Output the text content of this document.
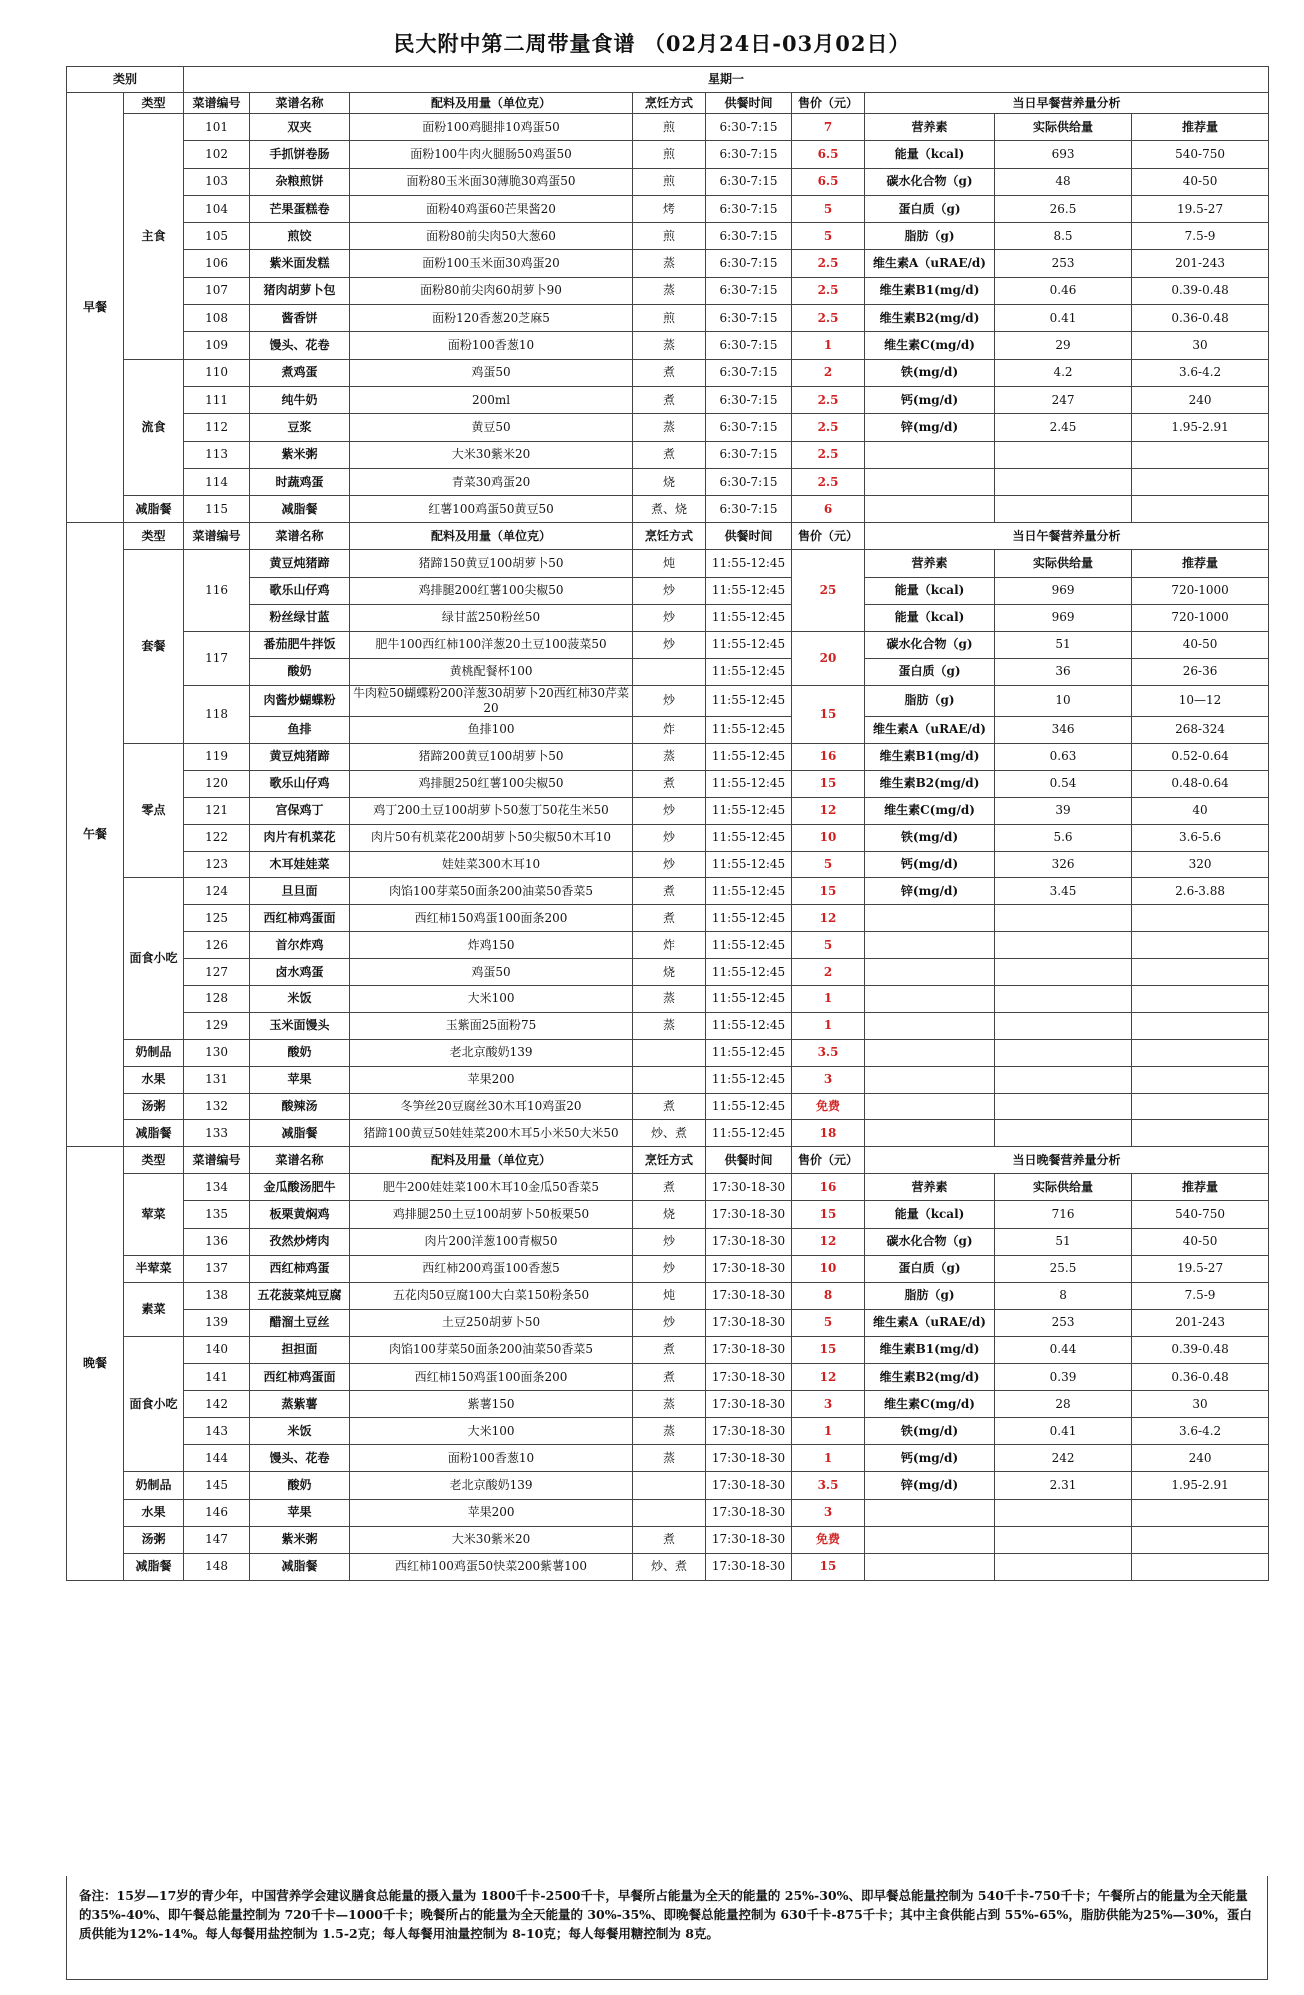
民大附中第二周带量食谱 （02月24日-03月02日）
类别		星期一								
早餐	类型	菜谱编号	菜谱名称	配料及用量（单位克）	烹饪方式	供餐时间	售价（元）	当日早餐营养量分析		
	主食	101	双夹	面粉100鸡腿排10鸡蛋50	煎	6:30-7:15	7	营养素	实际供给量	推荐量
		102	手抓饼卷肠	面粉100牛肉火腿肠50鸡蛋50	煎	6:30-7:15	6.5	能量（kcal)	693	540-750
		103	杂粮煎饼	面粉80玉米面30薄脆30鸡蛋50	煎	6:30-7:15	6.5	碳水化合物（g)	48	40-50
		104	芒果蛋糕卷	面粉40鸡蛋60芒果酱20	烤	6:30-7:15	5	蛋白质（g)	26.5	19.5-27
		105	煎饺	面粉80前尖肉50大葱60	煎	6:30-7:15	5	脂肪（g)	8.5	7.5-9
		106	紫米面发糕	面粉100玉米面30鸡蛋20	蒸	6:30-7:15	2.5	维生素A（uRAE/d)	253	201-243
		107	猪肉胡萝卜包	面粉80前尖肉60胡萝卜90	蒸	6:30-7:15	2.5	维生素B1(mg/d)	0.46	0.39-0.48
		108	酱香饼	面粉120香葱20芝麻5	煎	6:30-7:15	2.5	维生素B2(mg/d)	0.41	0.36-0.48
		109	馒头、花卷	面粉100香葱10	蒸	6:30-7:15	1	维生素C(mg/d)	29	30
	流食	110	煮鸡蛋	鸡蛋50	煮	6:30-7:15	2	铁(mg/d)	4.2	3.6-4.2
		111	纯牛奶	200ml	煮	6:30-7:15	2.5	钙(mg/d)	247	240
		112	豆浆	黄豆50	蒸	6:30-7:15	2.5	锌(mg/d)	2.45	1.95-2.91
		113	紫米粥	大米30紫米20	煮	6:30-7:15	2.5			
		114	时蔬鸡蛋	青菜30鸡蛋20	烧	6:30-7:15	2.5			
	减脂餐	115	减脂餐	红薯100鸡蛋50黄豆50	煮、烧	6:30-7:15	6			
午餐	类型	菜谱编号	菜谱名称	配料及用量（单位克）	烹饪方式	供餐时间	售价（元）	当日午餐营养量分析		
	套餐	116	黄豆炖猪蹄	猪蹄150黄豆100胡萝卜50	炖	11:55-12:45	25	营养素	实际供给量	推荐量
			歌乐山仔鸡	鸡排腿200红薯100尖椒50	炒	11:55-12:45		能量（kcal)	969	720-1000
			粉丝绿甘蓝	绿甘蓝250粉丝50	炒	11:55-12:45		能量（kcal)	969	720-1000
		117	番茄肥牛拌饭	肥牛100西红柿100洋葱20土豆100菠菜50	炒	11:55-12:45	20	碳水化合物（g)	51	40-50
			酸奶	黄桃配餐杯100		11:55-12:45		蛋白质（g)	36	26-36
		118	肉酱炒蝴蝶粉	牛肉粒50蝴蝶粉200洋葱30胡萝卜20西红柿30芹菜20	炒	11:55-12:45	15	脂肪（g)	10	10—12
			鱼排	鱼排100	炸	11:55-12:45		维生素A（uRAE/d)	346	268-324
	零点	119	黄豆炖猪蹄	猪蹄200黄豆100胡萝卜50	蒸	11:55-12:45	16	维生素B1(mg/d)	0.63	0.52-0.64
		120	歌乐山仔鸡	鸡排腿250红薯100尖椒50	煮	11:55-12:45	15	维生素B2(mg/d)	0.54	0.48-0.64
		121	宫保鸡丁	鸡丁200土豆100胡萝卜50葱丁50花生米50	炒	11:55-12:45	12	维生素C(mg/d)	39	40
		122	肉片有机菜花	肉片50有机菜花200胡萝卜50尖椒50木耳10	炒	11:55-12:45	10	铁(mg/d)	5.6	3.6-5.6
		123	木耳娃娃菜	娃娃菜300木耳10	炒	11:55-12:45	5	钙(mg/d)	326	320
	面食小吃	124	旦旦面	肉馅100芽菜50面条200油菜50香菜5	煮	11:55-12:45	15	锌(mg/d)	3.45	2.6-3.88
		125	西红柿鸡蛋面	西红柿150鸡蛋100面条200	煮	11:55-12:45	12			
		126	首尔炸鸡	炸鸡150	炸	11:55-12:45	5			
		127	卤水鸡蛋	鸡蛋50	烧	11:55-12:45	2			
		128	米饭	大米100	蒸	11:55-12:45	1			
		129	玉米面馒头	玉紫面25面粉75	蒸	11:55-12:45	1			
	奶制品	130	酸奶	老北京酸奶139		11:55-12:45	3.5			
	水果	131	苹果	苹果200		11:55-12:45	3			
	汤粥	132	酸辣汤	冬笋丝20豆腐丝30木耳10鸡蛋20	煮	11:55-12:45	免费			
	减脂餐	133	减脂餐	猪蹄100黄豆50娃娃菜200木耳5小米50大米50	炒、煮	11:55-12:45	18			
晚餐	类型	菜谱编号	菜谱名称	配料及用量（单位克）	烹饪方式	供餐时间	售价（元）	当日晚餐营养量分析		
	荤菜	134	金瓜酸汤肥牛	肥牛200娃娃菜100木耳10金瓜50香菜5	煮	17:30-18-30	16	营养素	实际供给量	推荐量
		135	板栗黄焖鸡	鸡排腿250土豆100胡萝卜50板栗50	烧	17:30-18-30	15	能量（kcal)	716	540-750
		136	孜然炒烤肉	肉片200洋葱100青椒50	炒	17:30-18-30	12	碳水化合物（g)	51	40-50
	半荤菜	137	西红柿鸡蛋	西红柿200鸡蛋100香葱5	炒	17:30-18-30	10	蛋白质（g)	25.5	19.5-27
	素菜	138	五花菠菜炖豆腐	五花肉50豆腐100大白菜150粉条50	炖	17:30-18-30	8	脂肪（g)	8	7.5-9
		139	醋溜土豆丝	土豆250胡萝卜50	炒	17:30-18-30	5	维生素A（uRAE/d)	253	201-243
	面食小吃	140	担担面	肉馅100芽菜50面条200油菜50香菜5	煮	17:30-18-30	15	维生素B1(mg/d)	0.44	0.39-0.48
		141	西红柿鸡蛋面	西红柿150鸡蛋100面条200	煮	17:30-18-30	12	维生素B2(mg/d)	0.39	0.36-0.48
		142	蒸紫薯	紫薯150	蒸	17:30-18-30	3	维生素C(mg/d)	28	30
		143	米饭	大米100	蒸	17:30-18-30	1	铁(mg/d)	0.41	3.6-4.2
		144	馒头、花卷	面粉100香葱10	蒸	17:30-18-30	1	钙(mg/d)	242	240
	奶制品	145	酸奶	老北京酸奶139		17:30-18-30	3.5	锌(mg/d)	2.31	1.95-2.91
	水果	146	苹果	苹果200		17:30-18-30	3			
	汤粥	147	紫米粥	大米30紫米20	煮	17:30-18-30	免费			
	减脂餐	148	减脂餐	西红柿100鸡蛋50快菜200紫薯100	炒、煮	17:30-18-30	15			
备注：15岁—17岁的青少年，中国营养学会建议膳食总能量的摄入量为 1800千卡-2500千卡，早餐所占能量为全天的能量的 25%-30%、即早餐总能量控制为 540千卡-750千卡；午餐所占的能量为全天能量的35%-40%、即午餐总能量控制为 720千卡—1000千卡；晚餐所占的能量为全天能量的 30%-35%、即晚餐总能量控制为 630千卡-875千卡；其中主食供能占到 55%-65%，脂肪供能为25%—30%，蛋白质供能为12%-14%。每人每餐用盐控制为 1.5-2克；每人每餐用油量控制为 8-10克；每人每餐用糖控制为 8克。
